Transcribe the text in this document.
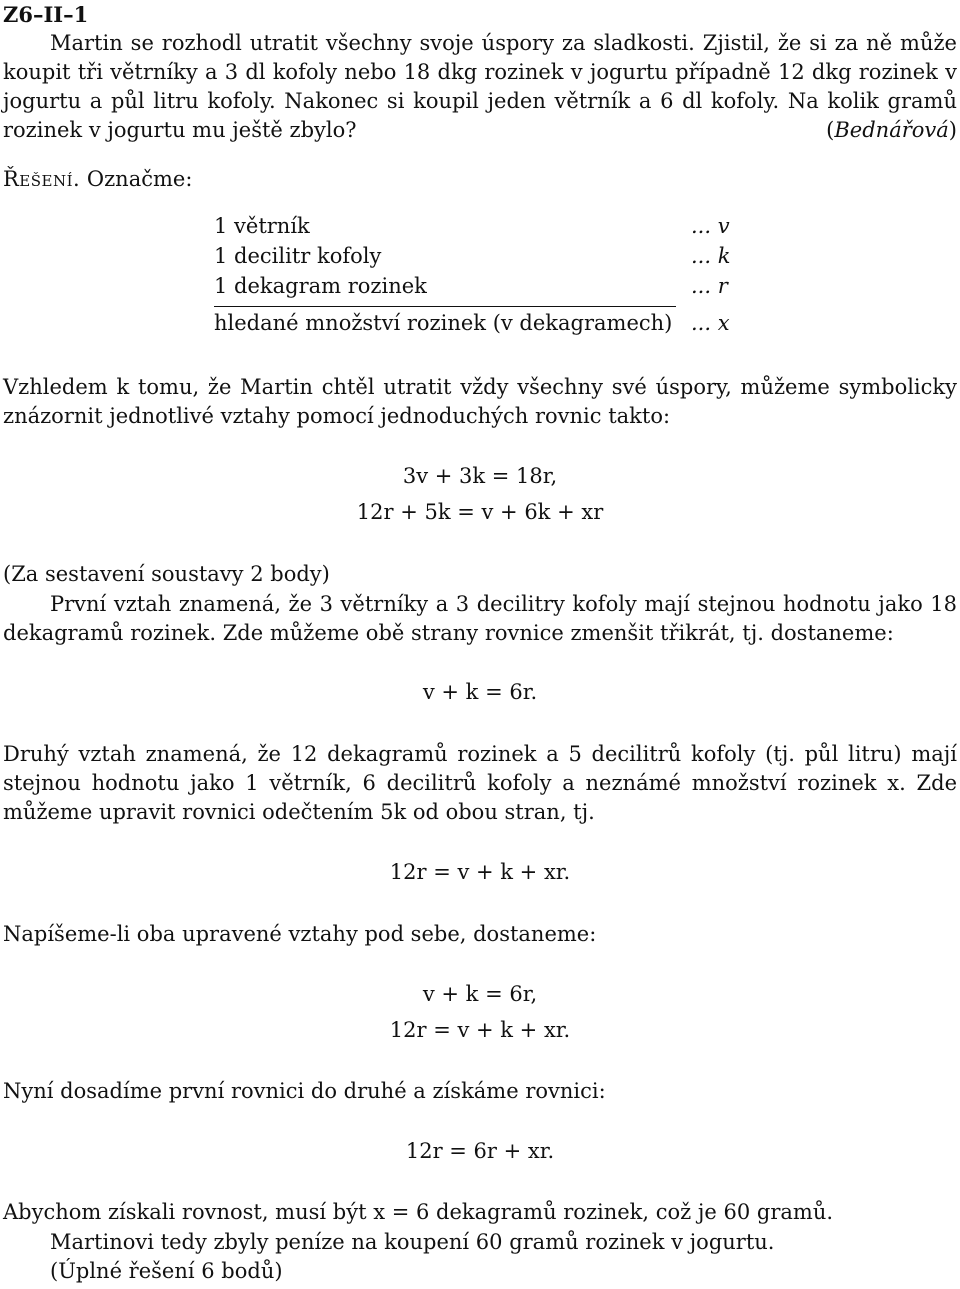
Z6–II–1

Martin se rozhodl utratit všechny svoje úspory za sladkosti. Zjistil, že si za ně může koupit tři větrníky a 3 dl kofoly nebo 18 dkg rozinek v jogurtu případně 12 dkg rozinek v jogurtu a půl litru kofoly. Nakonec si koupil jeden větrník a 6 dl kofoly. Na kolik gramů rozinek v jogurtu mu ještě zbylo?	(Bednářová)

Řešení. Označme:

1 větrník	... v
1 decilitr kofoly	... k
1 dekagram rozinek	... r
hledané množství rozinek (v dekagramech) ... x

Vzhledem k tomu, že Martin chtěl utratit vždy všechny své úspory, můžeme symbolicky znázornit jednotlivé vztahy pomocí jednoduchých rovnic takto:

3v + 3k = 18r,
12r + 5k = v + 6k + xr

(Za sestavení soustavy 2 body)

První vztah znamená, že 3 větrníky a 3 decilitry kofoly mají stejnou hodnotu jako 18 dekagramů rozinek. Zde můžeme obě strany rovnice zmenšit třikrát, tj. dostaneme:

v + k = 6r.

Druhý vztah znamená, že 12 dekagramů rozinek a 5 decilitrů kofoly (tj. půl litru) mají stejnou hodnotu jako 1 větrník, 6 decilitrů kofoly a neznámé množství rozinek x. Zde můžeme upravit rovnici odečtením 5k od obou stran, tj.

12r = v + k + xr.

Napíšeme-li oba upravené vztahy pod sebe, dostaneme:

v + k = 6r,
12r = v + k + xr.

Nyní dosadíme první rovnici do druhé a získáme rovnici:

12r = 6r + xr.

Abychom získali rovnost, musí být x = 6 dekagramů rozinek, což je 60 gramů.

Martinovi tedy zbyly peníze na koupení 60 gramů rozinek v jogurtu.

(Úplné řešení 6 bodů)
